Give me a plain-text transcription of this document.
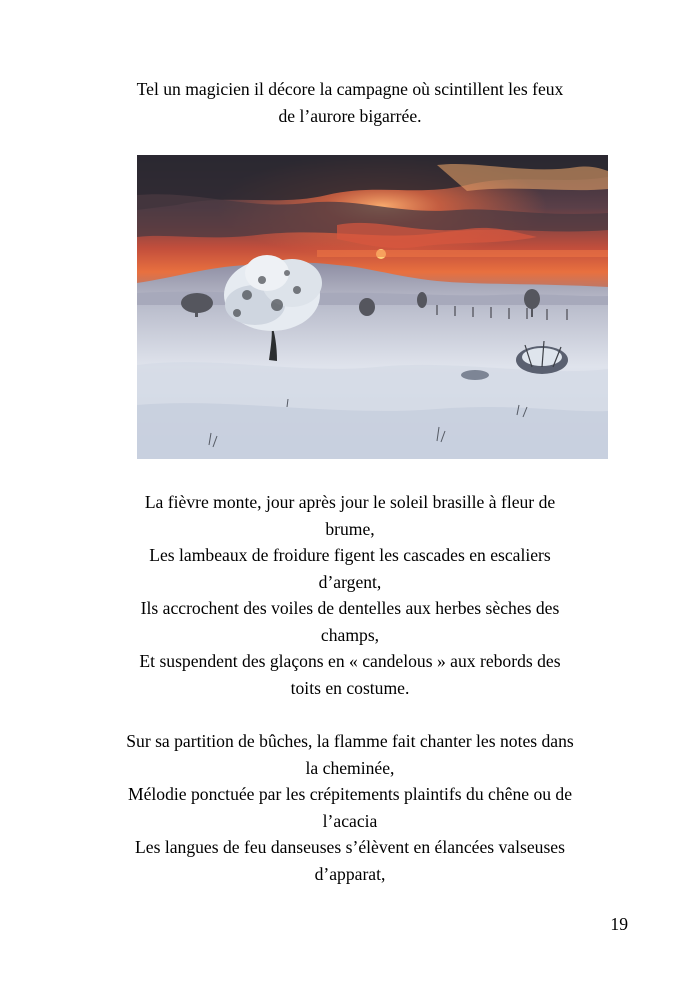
Tel un magicien il décore la campagne où scintillent les feux
de l’aurore bigarrée.

La fièvre monte, jour après jour le soleil brasille à fleur de
brume,
Les lambeaux de froidure figent les cascades en escaliers
d’argent,
Ils accrochent des voiles de dentelles aux herbes sèches des
champs,
Et suspendent des glaçons en « candelous » aux rebords des
toits en costume.

Sur sa partition de bûches, la flamme fait chanter les notes dans
la cheminée,
Mélodie ponctuée par les crépitements plaintifs du chêne ou de
l’acacia
Les langues de feu danseuses s’élèvent en élancées valseuses
d’apparat,

19
